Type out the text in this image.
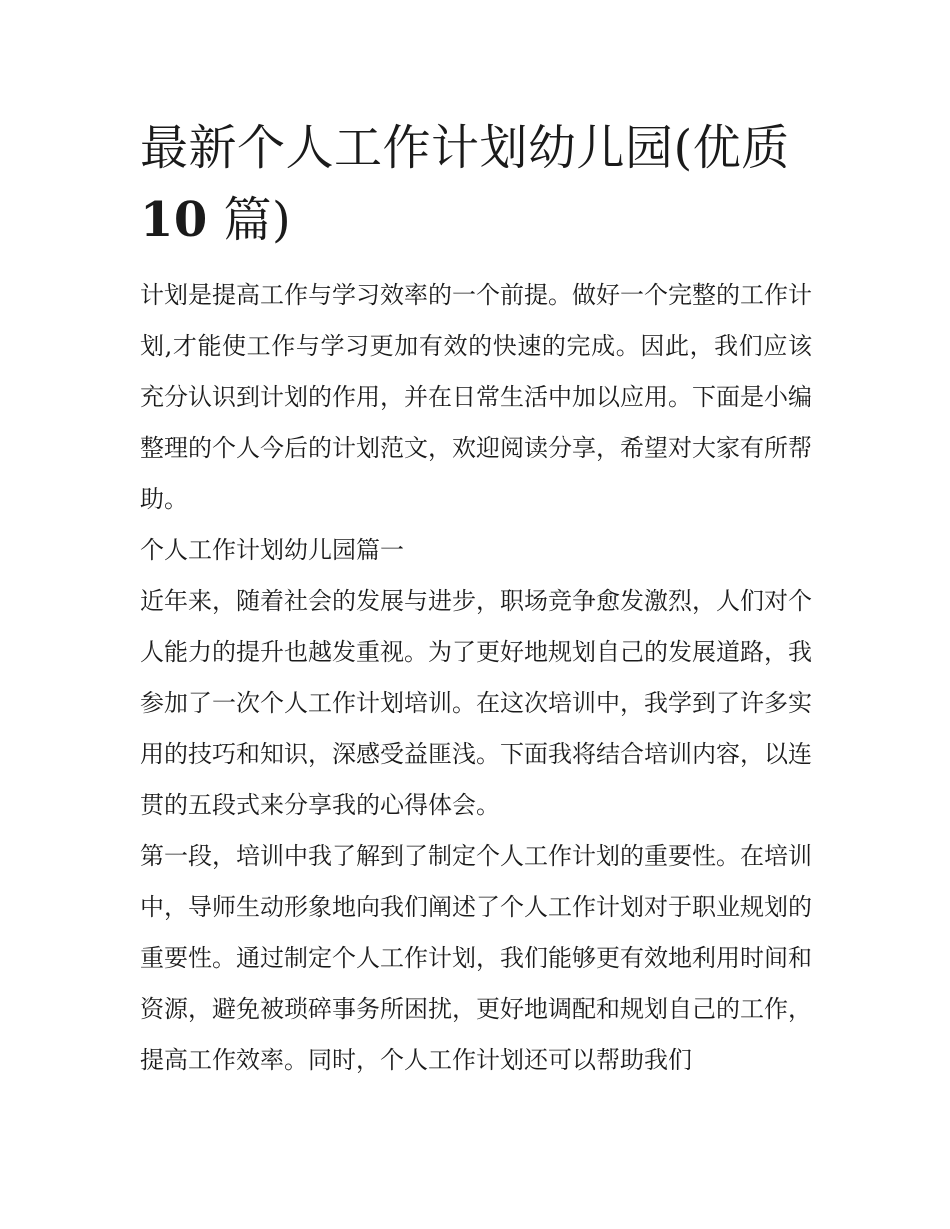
最新个人工作计划幼儿园(优质
10 篇)

计划是提高工作与学习效率的一个前提。做好一个完整的工作计划,才能使工作与学习更加有效的快速的完成。因此，我们应该充分认识到计划的作用，并在日常生活中加以应用。下面是小编整理的个人今后的计划范文，欢迎阅读分享，希望对大家有所帮助。

个人工作计划幼儿园篇一

近年来，随着社会的发展与进步，职场竞争愈发激烈，人们对个人能力的提升也越发重视。为了更好地规划自己的发展道路，我参加了一次个人工作计划培训。在这次培训中，我学到了许多实用的技巧和知识，深感受益匪浅。下面我将结合培训内容，以连贯的五段式来分享我的心得体会。

第一段，培训中我了解到了制定个人工作计划的重要性。在培训中，导师生动形象地向我们阐述了个人工作计划对于职业规划的重要性。通过制定个人工作计划，我们能够更有效地利用时间和资源，避免被琐碎事务所困扰，更好地调配和规划自己的工作，提高工作效率。同时，个人工作计划还可以帮助我们
